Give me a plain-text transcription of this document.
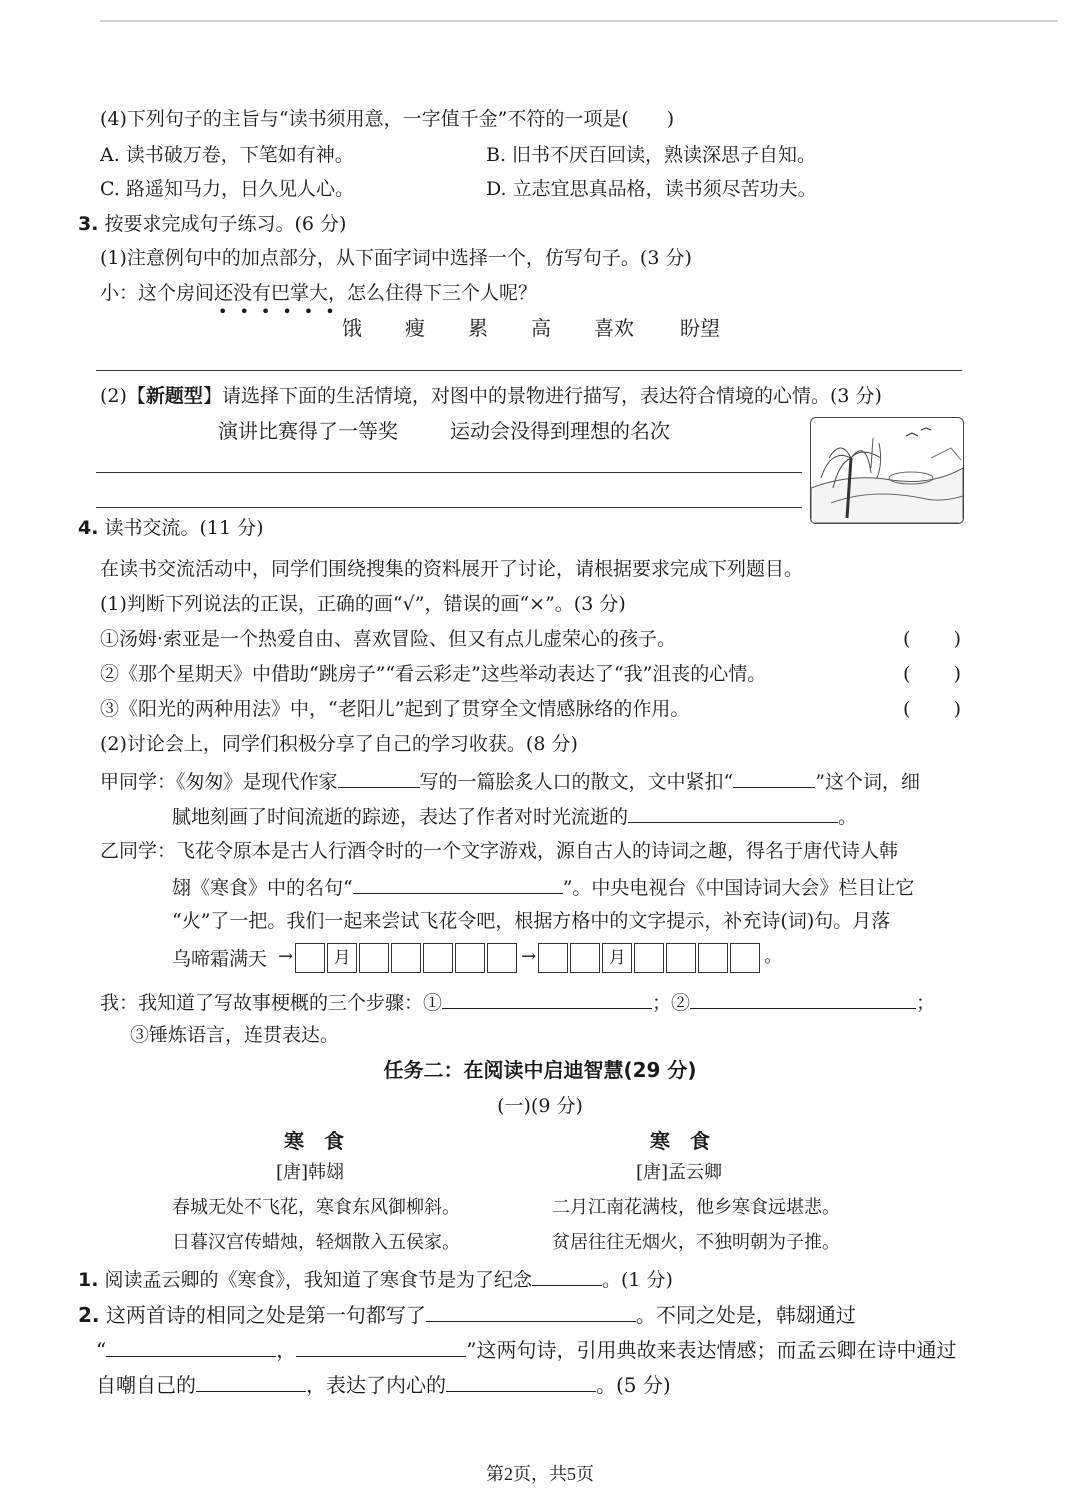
(4)下列句子的主旨与“读书须用意，一字值千金”不符的一项是(　　)
A. 读书破万卷，下笔如有神。	B. 旧书不厌百回读，熟读深思子自知。
C. 路遥知马力，日久见人心。	D. 立志宜思真品格，读书须尽苦功夫。
3. 按要求完成句子练习。(6 分)
(1)注意例句中的加点部分，从下面字词中选择一个，仿写句子。(3 分)
小：这个房间还没有巴掌大，怎么住得下三个人呢？
••••••
饿 瘦 累 高 喜欢 盼望
(2)【新题型】请选择下面的生活情境，对图中的景物进行描写，表达符合情境的心情。(3 分)
演讲比赛得了一等奖	运动会没得到理想的名次
4. 读书交流。(11 分)
在读书交流活动中，同学们围绕搜集的资料展开了讨论，请根据要求完成下列题目。
(1)判断下列说法的正误，正确的画“√”，错误的画“×”。(3 分)
①汤姆·索亚是一个热爱自由、喜欢冒险、但又有点儿虚荣心的孩子。	( )
②《那个星期天》中借助“跳房子”“看云彩走”这些举动表达了“我”沮丧的心情。	( )
③《阳光的两种用法》中，“老阳儿”起到了贯穿全文情感脉络的作用。	( )
(2)讨论会上，同学们积极分享了自己的学习收获。(8 分)
甲同学：《匆匆》是现代作家	写的一篇脍炙人口的散文，文中紧扣“	”这个词，细
腻地刻画了时间流逝的踪迹，表达了作者对时光流逝的	。
乙同学：飞花令原本是古人行酒令时的一个文字游戏，源自古人的诗词之趣，得名于唐代诗人韩
翃《寒食》中的名句“	”。中央电视台《中国诗词大会》栏目让它
“火”了一把。我们一起来尝试飞花令吧，根据方格中的文字提示，补充诗(词)句。月落
乌啼霜满天 →	月	→	月	。
我：我知道了写故事梗概的三个步骤：①	；②	；
③锤炼语言，连贯表达。
任务二：在阅读中启迪智慧(29 分)
(一)(9 分)
寒　食
[唐]韩翃
春城无处不飞花，寒食东风御柳斜。
日暮汉宫传蜡烛，轻烟散入五侯家。
寒　食
[唐]孟云卿
二月江南花满枝，他乡寒食远堪悲。
贫居往往无烟火，不独明朝为子推。
1. 阅读孟云卿的《寒食》，我知道了寒食节是为了纪念	。(1 分)
2. 这两首诗的相同之处是第一句都写了	。不同之处是，韩翃通过
“	，	”这两句诗，引用典故来表达情感；而孟云卿在诗中通过
自嘲自己的	，表达了内心的	。(5 分)
第2页，共5页
